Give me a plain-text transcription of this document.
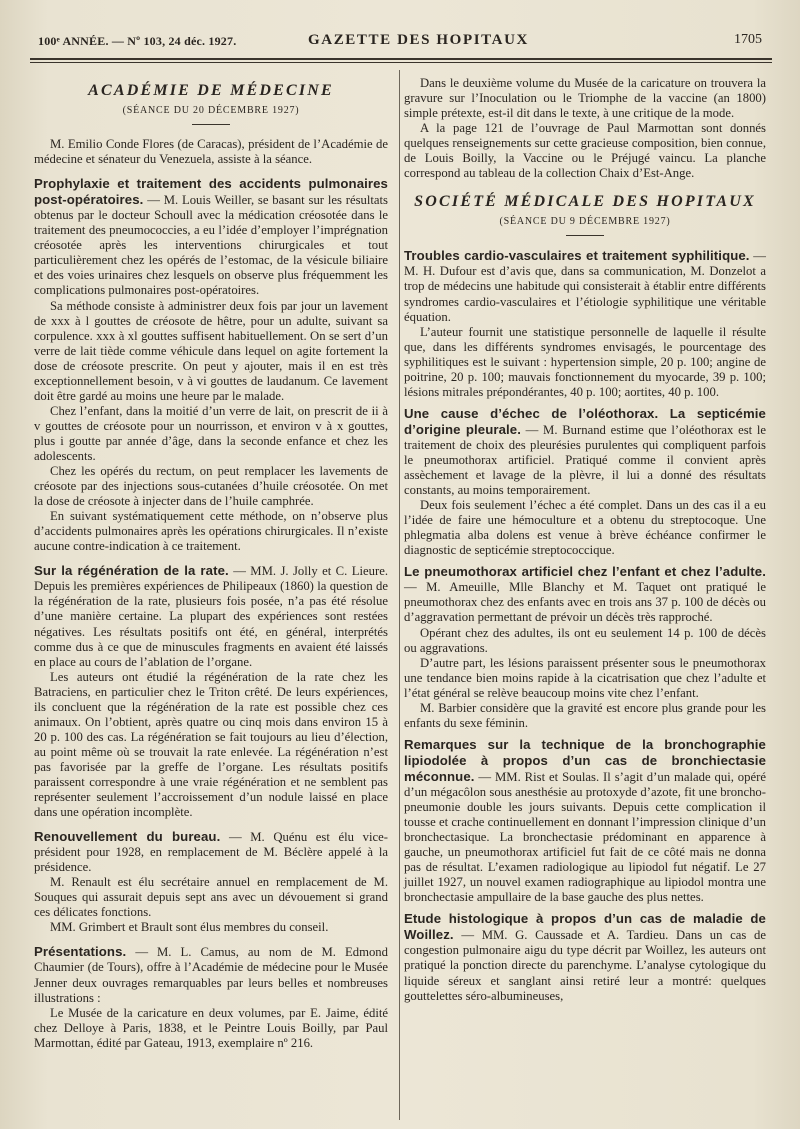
100ᵉ ANNÉE. — Nº 103, 24 déc. 1927.	GAZETTE DES HOPITAUX	1705
ACADÉMIE DE MÉDECINE
(SÉANCE DU 20 DÉCEMBRE 1927)

M. Emilio Conde Flores (de Caracas), président de l’Académie de médecine et sénateur du Venezuela, assiste à la séance.

Prophylaxie et traitement des accidents pulmonaires post-opératoires. — M. Louis Weiller, se basant sur les résultats obtenus par le docteur Schoull avec la médication créosotée dans le traitement des pneumococcies, a eu l’idée d’employer l’imprégnation créosotée après les interventions chirurgicales et tout particulièrement chez les opérés de l’estomac, de la vésicule biliaire et des voies urinaires chez lesquels on observe plus fréquemment les complications pulmonaires post-opératoires.

Sa méthode consiste à administrer deux fois par jour un lavement de xxx à l gouttes de créosote de hêtre, pour un adulte, suivant sa corpulence. xxx à xl gouttes suffisent habituellement. On se sert d’un verre de lait tiède comme véhicule dans lequel on agite fortement la dose de créosote prescrite. On peut y ajouter, mais il en est très exceptionnellement besoin, v à vi gouttes de laudanum. Ce lavement doit être gardé au moins une heure par le malade.

Chez l’enfant, dans la moitié d’un verre de lait, on prescrit de ii à v gouttes de créosote pour un nourrisson, et environ v à x gouttes, plus i goutte par année d’âge, dans la seconde enfance et chez les adolescents.

Chez les opérés du rectum, on peut remplacer les lavements de créosote par des injections sous-cutanées d’huile créosotée. On met la dose de créosote à injecter dans de l’huile camphrée.

En suivant systématiquement cette méthode, on n’observe plus d’accidents pulmonaires après les opérations chirurgicales. Il n’existe aucune contre-indication à ce traitement.

Sur la régénération de la rate. — MM. J. Jolly et C. Lieure. Depuis les premières expériences de Philipeaux (1860) la question de la régénération de la rate, plusieurs fois posée, n’a pas été résolue d’une manière certaine. La plupart des expériences sont restées négatives. Les résultats positifs ont été, en général, interprétés comme dus à ce que de minuscules fragments en avaient été laissés en place au cours de l’ablation de l’organe.

Les auteurs ont étudié la régénération de la rate chez les Batraciens, en particulier chez le Triton crêté. De leurs expériences, ils concluent que la régénération de la rate est possible chez ces animaux. On l’obtient, après quatre ou cinq mois dans environ 15 à 20 p. 100 des cas. La régénération se fait toujours au lieu d’élection, au point même où se trouvait la rate enlevée. La régénération n’est pas favorisée par la greffe de l’organe. Les résultats positifs paraissent correspondre à une vraie régénération et ne semblent pas représenter seulement l’accroissement d’un nodule laissé en place dans une opération incomplète.

Renouvellement du bureau. — M. Quénu est élu vice-président pour 1928, en remplacement de M. Béclère appelé à la présidence.

M. Renault est élu secrétaire annuel en remplacement de M. Souques qui assurait depuis sept ans avec un dévouement si grand ces délicates fonctions.

MM. Grimbert et Brault sont élus membres du conseil.

Présentations. — M. L. Camus, au nom de M. Edmond Chaumier (de Tours), offre à l’Académie de médecine pour le Musée Jenner deux ouvrages remarquables par leurs belles et nombreuses illustrations :

Le Musée de la caricature en deux volumes, par E. Jaime, édité chez Delloye à Paris, 1838, et le Peintre Louis Boilly, par Paul Marmottan, édité par Gateau, 1913, exemplaire nº 216.

Dans le deuxième volume du Musée de la caricature on trouvera la gravure sur l’Inoculation ou le Triomphe de la vaccine (an 1800) simple prétexte, est-il dit dans le texte, à une critique de la mode.

A la page 121 de l’ouvrage de Paul Marmottan sont donnés quelques renseignements sur cette gracieuse composition, bien connue, de Louis Boilly, la Vaccine ou le Préjugé vaincu. La planche correspond au tableau de la collection Chaix d’Est-Ange.

SOCIÉTÉ MÉDICALE DES HOPITAUX
(SÉANCE DU 9 DÉCEMBRE 1927)

Troubles cardio-vasculaires et traitement syphilitique. — M. H. Dufour est d’avis que, dans sa communication, M. Donzelot a trop de médecins une habitude qui consisterait à établir entre différents syndromes cardio-vasculaires et l’étiologie syphilitique une véritable équation.

L’auteur fournit une statistique personnelle de laquelle il résulte que, dans les différents syndromes envisagés, le pourcentage des syphilitiques est le suivant : hypertension simple, 20 p. 100; angine de poitrine, 20 p. 100; mauvais fonctionnement du myocarde, 39 p. 100; lésions mitrales prépondérantes, 40 p. 100; aortites, 40 p. 100.

Une cause d’échec de l’oléothorax. La septicémie d’origine pleurale. — M. Burnand estime que l’oléothorax est le traitement de choix des pleurésies purulentes qui compliquent parfois le pneumothorax artificiel. Pratiqué comme il convient après assèchement et lavage de la plèvre, il lui a donné des résultats constants, au moins temporairement.

Deux fois seulement l’échec a été complet. Dans un des cas il a eu l’idée de faire une hémoculture et a obtenu du streptocoque. Une phlegmatia alba dolens est venue à brève échéance confirmer le diagnostic de septicémie streptococcique.

Le pneumothorax artificiel chez l’enfant et chez l’adulte. — M. Ameuille, Mlle Blanchy et M. Taquet ont pratiqué le pneumothorax chez des enfants avec en trois ans 37 p. 100 de décès ou d’aggravation permettant de prévoir un décès très rapproché.

Opérant chez des adultes, ils ont eu seulement 14 p. 100 de décès ou aggravations.

D’autre part, les lésions paraissent présenter sous le pneumothorax une tendance bien moins rapide à la cicatrisation que chez l’adulte et l’état général se relève beaucoup moins vite chez l’enfant.

M. Barbier considère que la gravité est encore plus grande pour les enfants du sexe féminin.

Remarques sur la technique de la bronchographie lipiodolée à propos d’un cas de bronchiectasie méconnue. — MM. Rist et Soulas. Il s’agit d’un malade qui, opéré d’un mégacôlon sous anesthésie au protoxyde d’azote, fit une broncho-pneumonie double les jours suivants. Depuis cette complication il tousse et crache continuellement en donnant l’impression clinique d’un bronchectasique. La bronchectasie prédominant en apparence à gauche, un pneumothorax artificiel fut fait de ce côté mais ne donna pas de résultat. L’examen radiologique au lipiodol fut négatif. Le 27 juillet 1927, un nouvel examen radiographique au lipiodol montra une bronchectasie ampullaire de la base gauche des plus nettes.

Etude histologique à propos d’un cas de maladie de Woillez. — MM. G. Caussade et A. Tardieu. Dans un cas de congestion pulmonaire aigu du type décrit par Woillez, les auteurs ont pratiqué la ponction directe du parenchyme. L’analyse cytologique du liquide séreux et sanglant ainsi retiré leur a montré: quelques gouttelettes séro-albumineuses,
